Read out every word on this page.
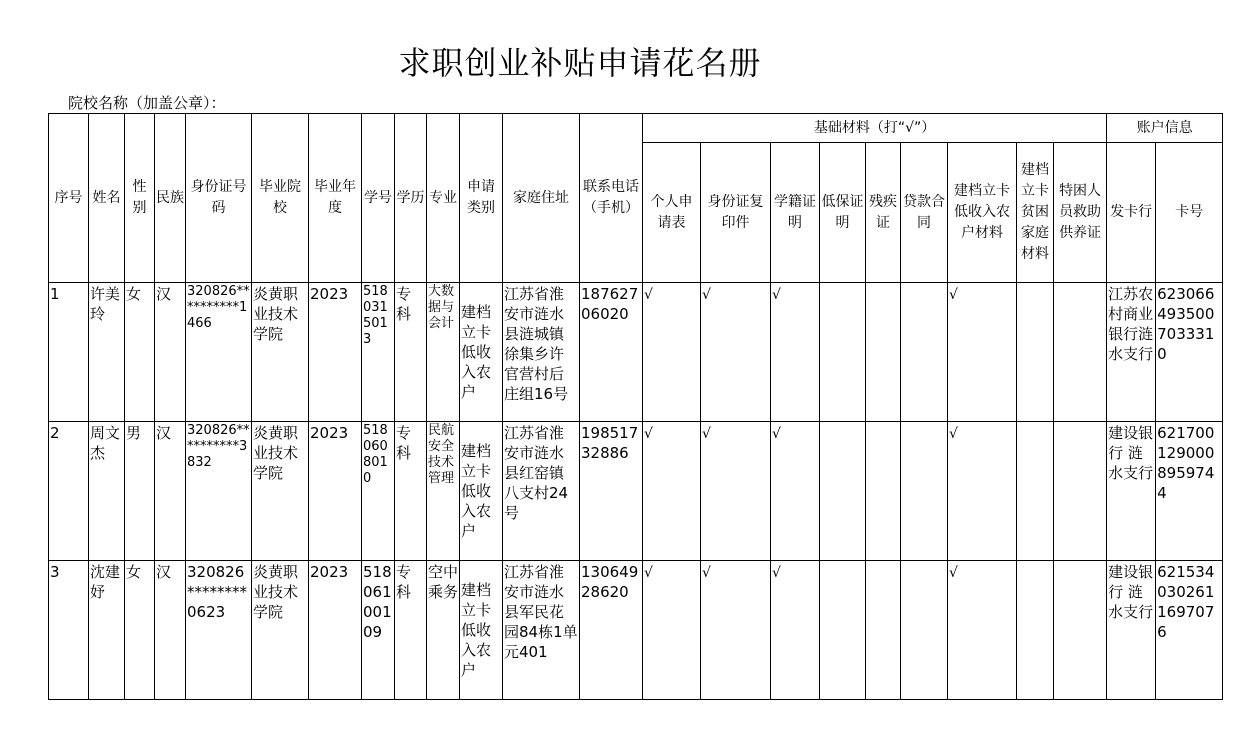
求职创业补贴申请花名册
院校名称（加盖公章）：
序号	姓名	性别	民族	身份证号码	毕业院校	毕业年度	学号	学历	专业	申请类别	家庭住址	联系电话（手机）	基础材料（打“√”）									账户信息	
													个人申请表	身份证复印件	学籍证明	低保证明	残疾证	贷款合同	建档立卡低收入农户材料	建档立卡贫困家庭材料	特困人员救助供养证	发卡行	卡号
1	许美玲	女	汉	320826**********1466	炎黄职业技术学院	2023	5180315013	专科	大数据与会计	建档立卡低收入农户	江苏省淮安市涟水县涟城镇徐集乡许官营村后庄组16号	18762706020	√	√	√				√			江苏农村商业银行涟水支行	6230664935007033310
2	周文杰	男	汉	320826**********3832	炎黄职业技术学院	2023	5180608010	专科	民航安全技术管理	建档立卡低收入农户	江苏省淮安市涟水县红窑镇八支村24号	19851732886	√	√	√				√			建设银行 涟水支行	6217001290008959744
3	沈建妤	女	汉	320826********0623	炎黄职业技术学院	2023	51806100109	专科	空中乘务	建档立卡低收入农户	江苏省淮安市涟水县军民花园84栋1单元401	13064928620	√	√	√				√			建设银行 涟水支行	6215340302611697076
